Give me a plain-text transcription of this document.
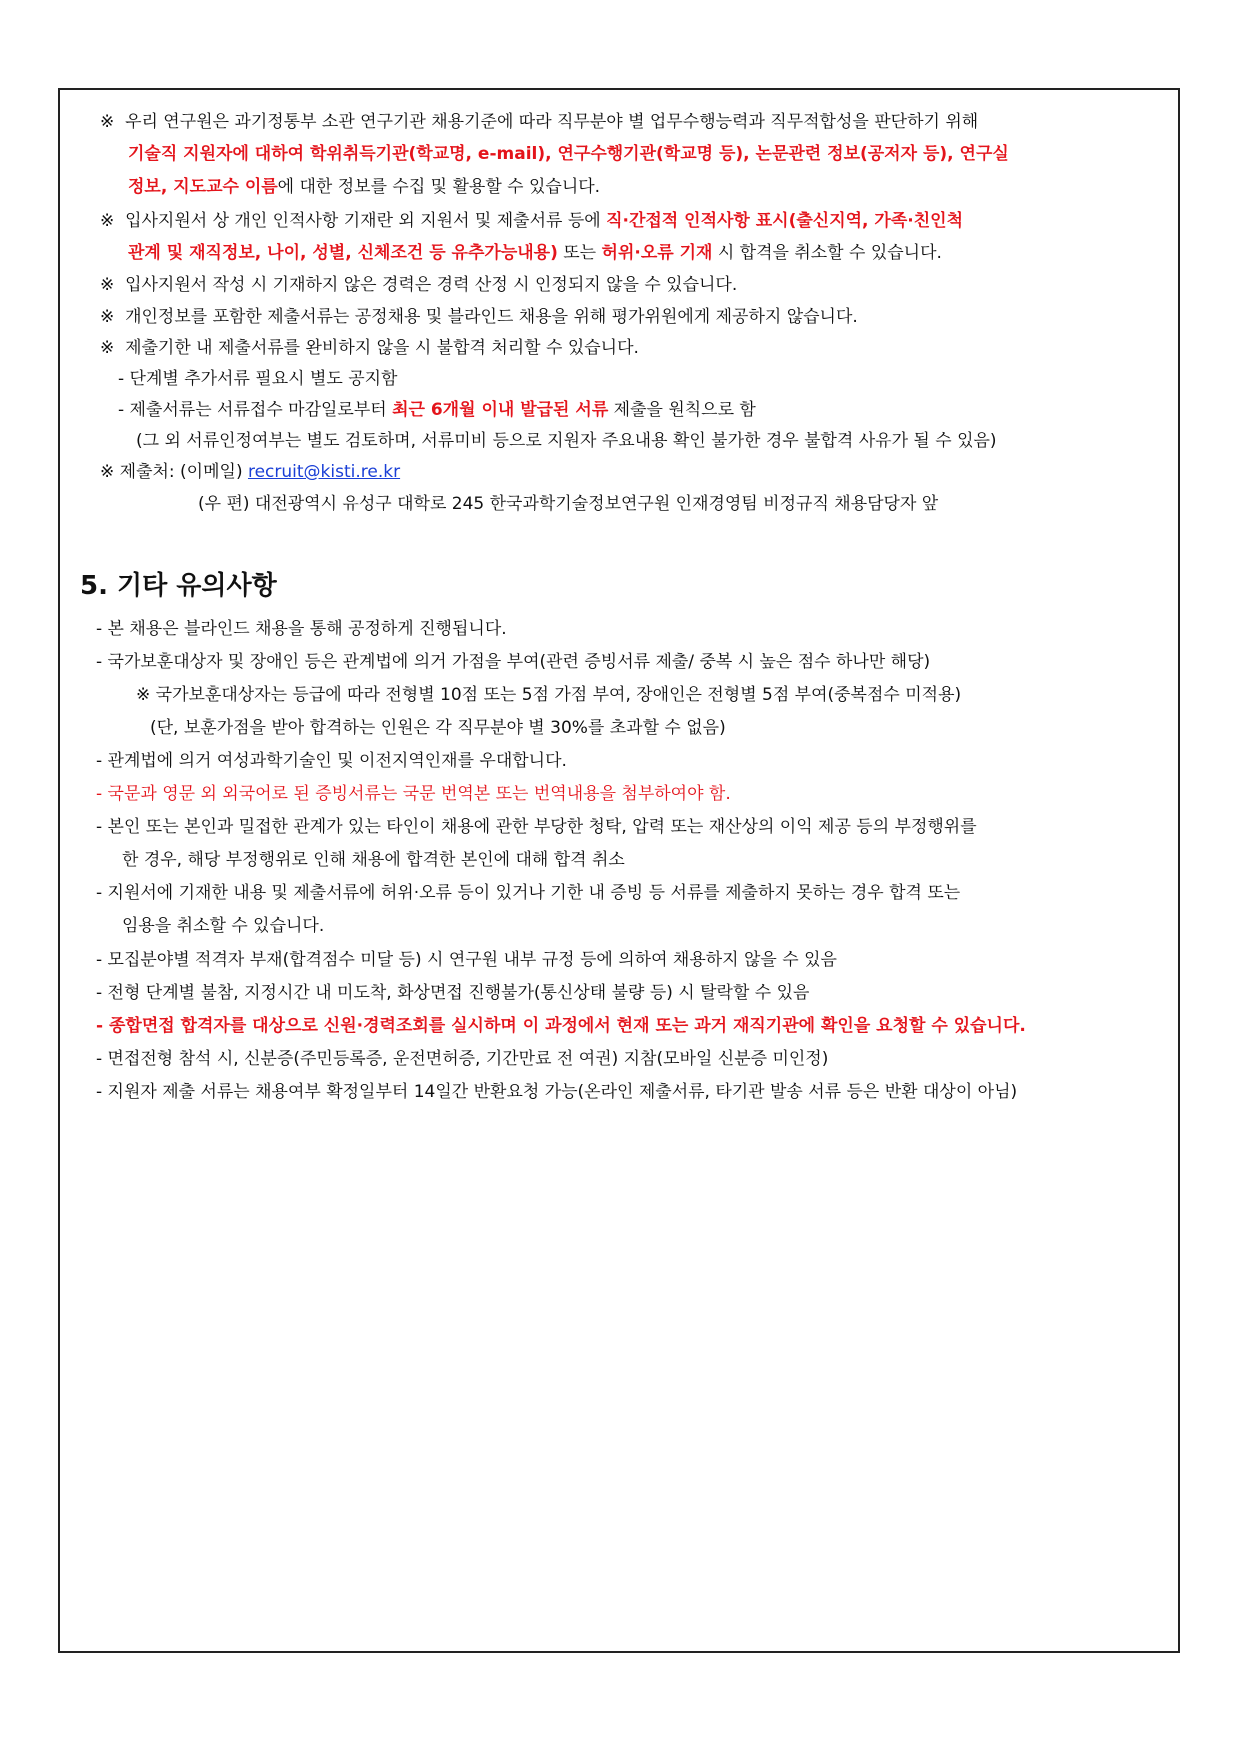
※ 우리 연구원은 과기정통부 소관 연구기관 채용기준에 따라 직무분야 별 업무수행능력과 직무적합성을 판단하기 위해
기술직 지원자에 대하여 학위취득기관(학교명, e-mail), 연구수행기관(학교명 등), 논문관련 정보(공저자 등), 연구실
정보, 지도교수 이름에 대한 정보를 수집 및 활용할 수 있습니다.
※ 입사지원서 상 개인 인적사항 기재란 외 지원서 및 제출서류 등에 직·간접적 인적사항 표시(출신지역, 가족·친인척
관계 및 재직정보, 나이, 성별, 신체조건 등 유추가능내용) 또는 허위·오류 기재 시 합격을 취소할 수 있습니다.
※ 입사지원서 작성 시 기재하지 않은 경력은 경력 산정 시 인정되지 않을 수 있습니다.
※ 개인정보를 포함한 제출서류는 공정채용 및 블라인드 채용을 위해 평가위원에게 제공하지 않습니다.
※ 제출기한 내 제출서류를 완비하지 않을 시 불합격 처리할 수 있습니다.
- 단계별 추가서류 필요시 별도 공지함
- 제출서류는 서류접수 마감일로부터 최근 6개월 이내 발급된 서류 제출을 원칙으로 함
(그 외 서류인정여부는 별도 검토하며, 서류미비 등으로 지원자 주요내용 확인 불가한 경우 불합격 사유가 될 수 있음)
※ 제출처: (이메일) recruit@kisti.re.kr
(우 편) 대전광역시 유성구 대학로 245 한국과학기술정보연구원 인재경영팀 비정규직 채용담당자 앞
5. 기타 유의사항
- 본 채용은 블라인드 채용을 통해 공정하게 진행됩니다.
- 국가보훈대상자 및 장애인 등은 관계법에 의거 가점을 부여(관련 증빙서류 제출/ 중복 시 높은 점수 하나만 해당)
※ 국가보훈대상자는 등급에 따라 전형별 10점 또는 5점 가점 부여, 장애인은 전형별 5점 부여(중복점수 미적용)
(단, 보훈가점을 받아 합격하는 인원은 각 직무분야 별 30%를 초과할 수 없음)
- 관계법에 의거 여성과학기술인 및 이전지역인재를 우대합니다.
- 국문과 영문 외 외국어로 된 증빙서류는 국문 번역본 또는 번역내용을 첨부하여야 함.
- 본인 또는 본인과 밀접한 관계가 있는 타인이 채용에 관한 부당한 청탁, 압력 또는 재산상의 이익 제공 등의 부정행위를
한 경우, 해당 부정행위로 인해 채용에 합격한 본인에 대해 합격 취소
- 지원서에 기재한 내용 및 제출서류에 허위·오류 등이 있거나 기한 내 증빙 등 서류를 제출하지 못하는 경우 합격 또는
임용을 취소할 수 있습니다.
- 모집분야별 적격자 부재(합격점수 미달 등) 시 연구원 내부 규정 등에 의하여 채용하지 않을 수 있음
- 전형 단계별 불참, 지정시간 내 미도착, 화상면접 진행불가(통신상태 불량 등) 시 탈락할 수 있음
- 종합면접 합격자를 대상으로 신원·경력조회를 실시하며 이 과정에서 현재 또는 과거 재직기관에 확인을 요청할 수 있습니다.
- 면접전형 참석 시, 신분증(주민등록증, 운전면허증, 기간만료 전 여권) 지참(모바일 신분증 미인정)
- 지원자 제출 서류는 채용여부 확정일부터 14일간 반환요청 가능(온라인 제출서류, 타기관 발송 서류 등은 반환 대상이 아님)
